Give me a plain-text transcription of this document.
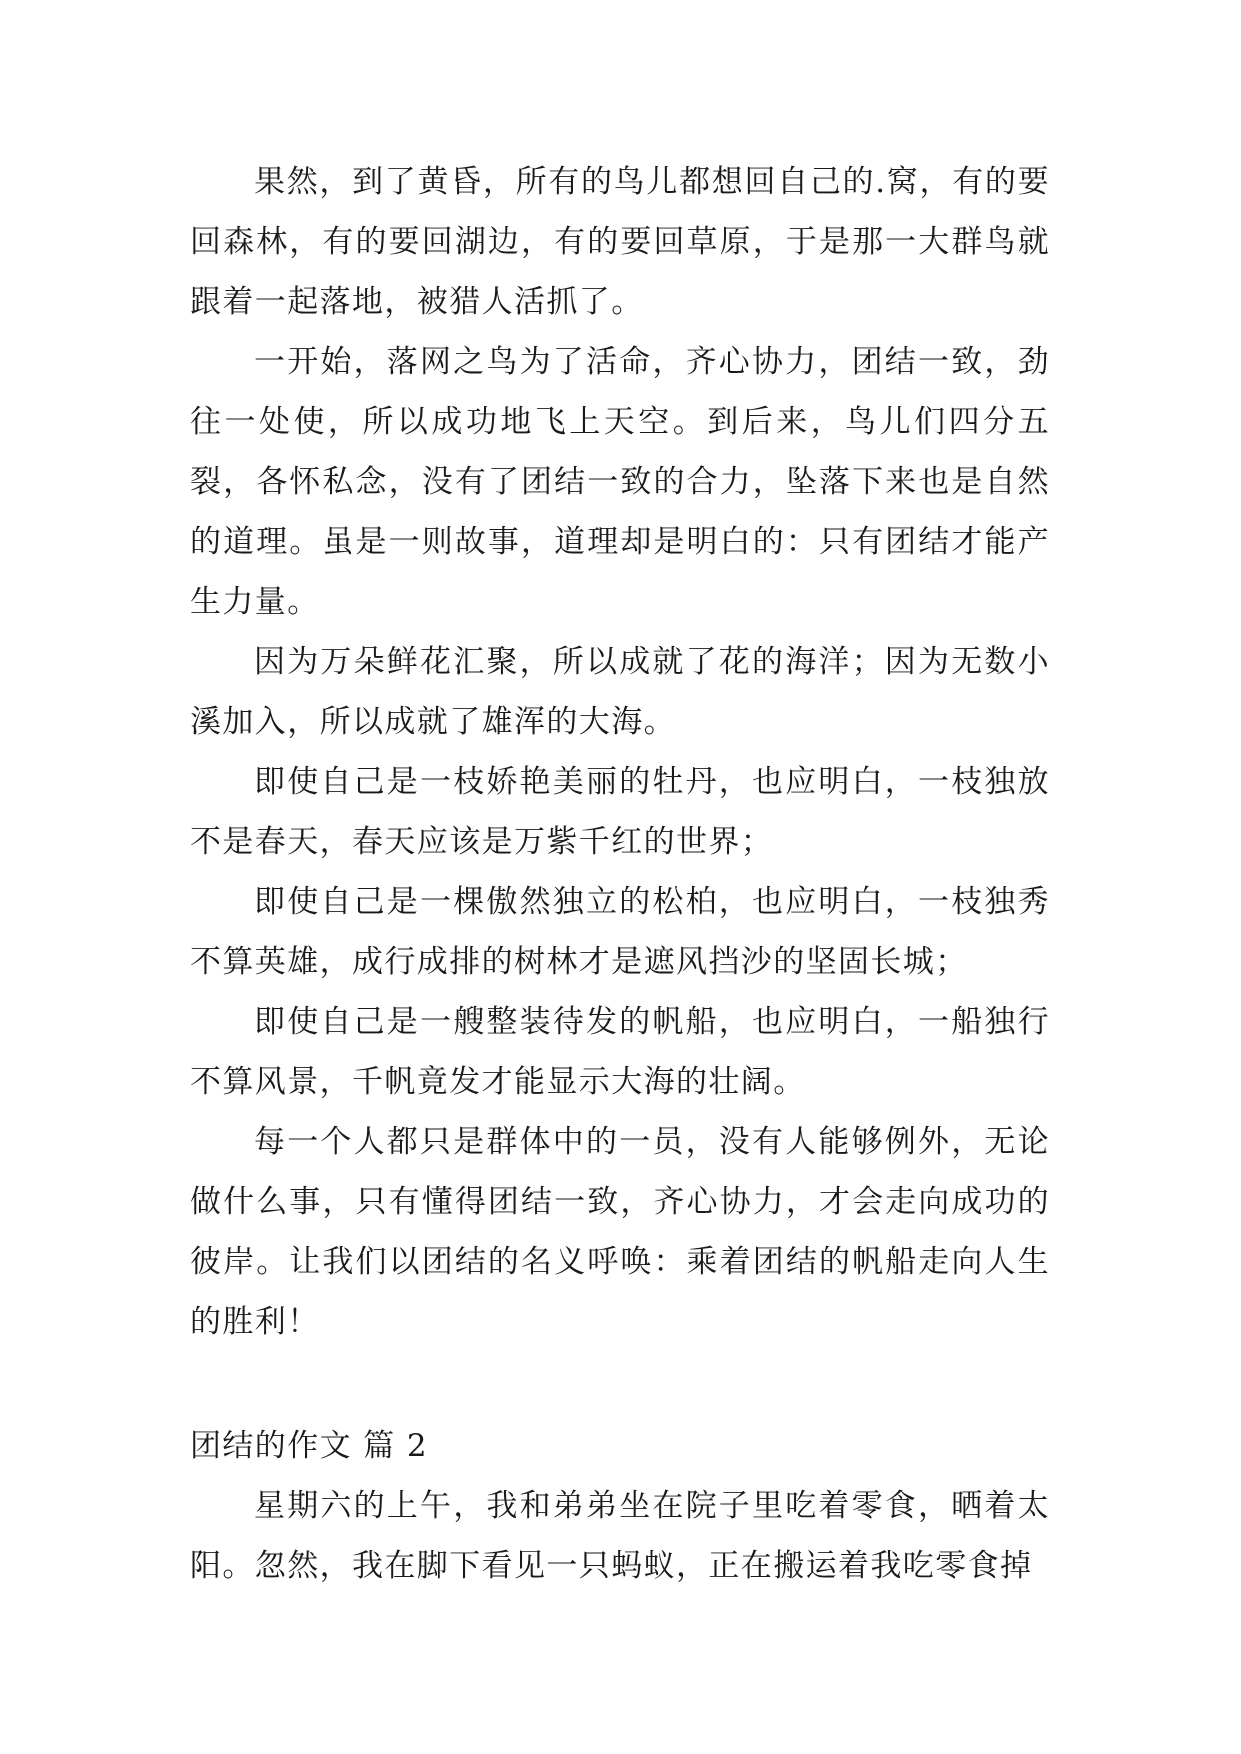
果然，到了黄昏，所有的鸟儿都想回自己的.窝，有的要回森林，有的要回湖边，有的要回草原，于是那一大群鸟就跟着一起落地，被猎人活抓了。

一开始，落网之鸟为了活命，齐心协力，团结一致，劲往一处使，所以成功地飞上天空。到后来，鸟儿们四分五裂，各怀私念，没有了团结一致的合力，坠落下来也是自然的道理。虽是一则故事，道理却是明白的：只有团结才能产生力量。

因为万朵鲜花汇聚，所以成就了花的海洋；因为无数小溪加入，所以成就了雄浑的大海。

即使自己是一枝娇艳美丽的牡丹，也应明白，一枝独放不是春天，春天应该是万紫千红的世界；

即使自己是一棵傲然独立的松柏，也应明白，一枝独秀不算英雄，成行成排的树林才是遮风挡沙的坚固长城；

即使自己是一艘整装待发的帆船，也应明白，一船独行不算风景，千帆竟发才能显示大海的壮阔。

每一个人都只是群体中的一员，没有人能够例外，无论做什么事，只有懂得团结一致，齐心协力，才会走向成功的彼岸。让我们以团结的名义呼唤：乘着团结的帆船走向人生的胜利！

团结的作文 篇 2

星期六的上午，我和弟弟坐在院子里吃着零食，晒着太阳。忽然，我在脚下看见一只蚂蚁，正在搬运着我吃零食掉
